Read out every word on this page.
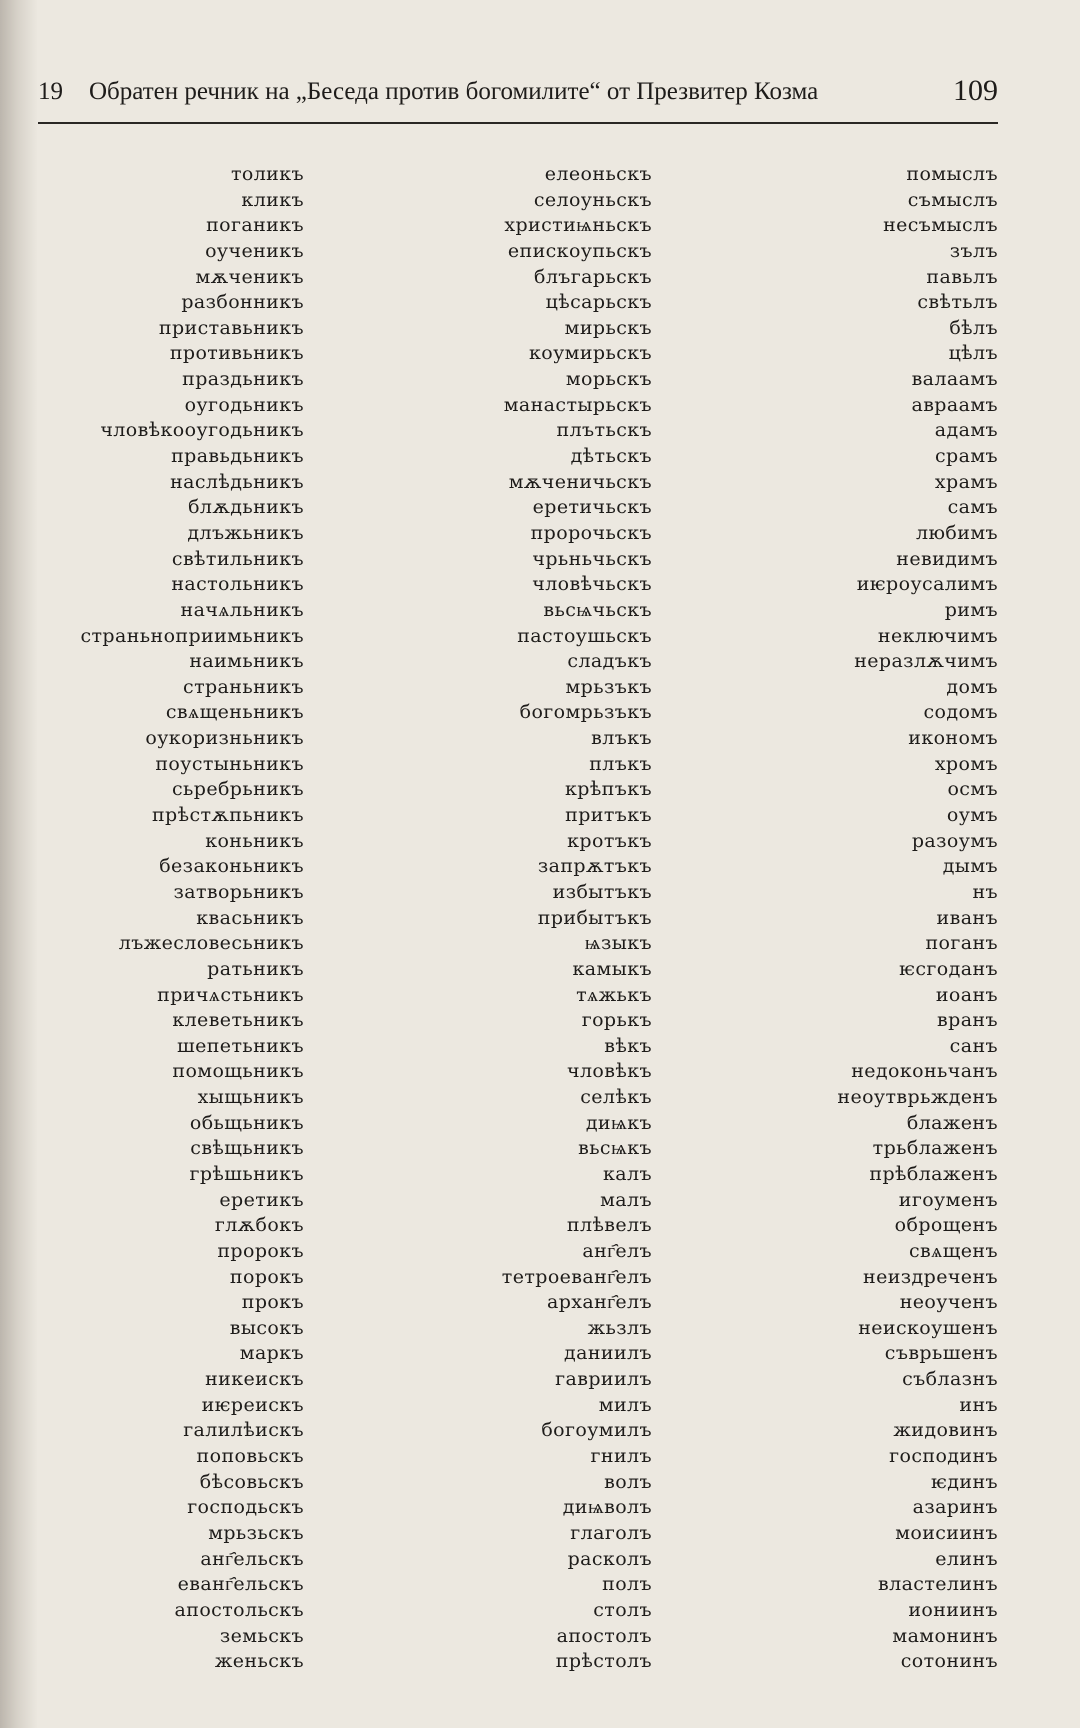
19 Обратен речник на „Беседа против богомилите“ от Презвитер Козма	109
толикъ
кликъ
поганикъ
оученикъ
мѫченикъ
разбонникъ
приставьникъ
противьникъ
праздьникъ
оугодьникъ
чловѣкооугодьникъ
правьдьникъ
наслѣдьникъ
блѫдьникъ
длъжьникъ
свѣтильникъ
настольникъ
начѧльникъ
страньноприимьникъ
наимьникъ
страньникъ
свѧщеньникъ
оукоризньникъ
поустыньникъ
сьребрьникъ
прѣстѫпьникъ
коньникъ
безаконьникъ
затворьникъ
квасьникъ
лъжесловесьникъ
ратьникъ
причѧстьникъ
клеветьникъ
шепетьникъ
помощьникъ
хыщьникъ
обьщьникъ
свѣщьникъ
грѣшьникъ
еретикъ
глѫбокъ
пророкъ
порокъ
прокъ
высокъ
маркъ
никеискъ
иѥреискъ
галилѣискъ
поповьскъ
бѣсовьскъ
господьскъ
мрьзьскъ
анг҄ельскъ
еванг҄ельскъ
апостольскъ
земьскъ
женьскъ
елеоньскъ
селоуньскъ
христиѩньскъ
епискоупьскъ
блъгарьскъ
цѣсарьскъ
мирьскъ
коумирьскъ
морьскъ
манастырьскъ
плътьскъ
дѣтьскъ
мѫченичьскъ
еретичьскъ
пророчьскъ
чрьньчьскъ
чловѣчьскъ
вьсѩчьскъ
пастоушьскъ
сладъкъ
мрьзъкъ
богомрьзъкъ
влъкъ
плъкъ
крѣпъкъ
притъкъ
кротъкъ
запрѫтъкъ
избытъкъ
прибытъкъ
ѩзыкъ
камыкъ
тѧжькъ
горькъ
вѣкъ
чловѣкъ
селѣкъ
диѩкъ
вьсѩкъ
калъ
малъ
плѣвелъ
анг҄елъ
тетроеванг҄елъ
арханг҄елъ
жьзлъ
даниилъ
гавриилъ
милъ
богоумилъ
гнилъ
волъ
диѩволъ
глаголъ
расколъ
полъ
столъ
апостолъ
прѣстолъ
помыслъ
съмыслъ
несъмыслъ
зълъ
павьлъ
свѣтьлъ
бѣлъ
цѣлъ
валаамъ
авраамъ
адамъ
срамъ
храмъ
самъ
любимъ
невидимъ
иѥроусалимъ
римъ
неключимъ
неразлѫчимъ
домъ
содомъ
икономъ
хромъ
осмъ
оумъ
разоумъ
дымъ
нъ
иванъ
поганъ
ѥсгоданъ
иоанъ
вранъ
санъ
недоконьчанъ
неоутврьжденъ
блаженъ
трьблаженъ
прѣблаженъ
игоуменъ
оброщенъ
свѧщенъ
неиздреченъ
неоученъ
неискоушенъ
съврьшенъ
съблазнъ
инъ
жидовинъ
господинъ
ѥдинъ
азаринъ
моисиинъ
елинъ
властелинъ
иониинъ
мамонинъ
сотонинъ
